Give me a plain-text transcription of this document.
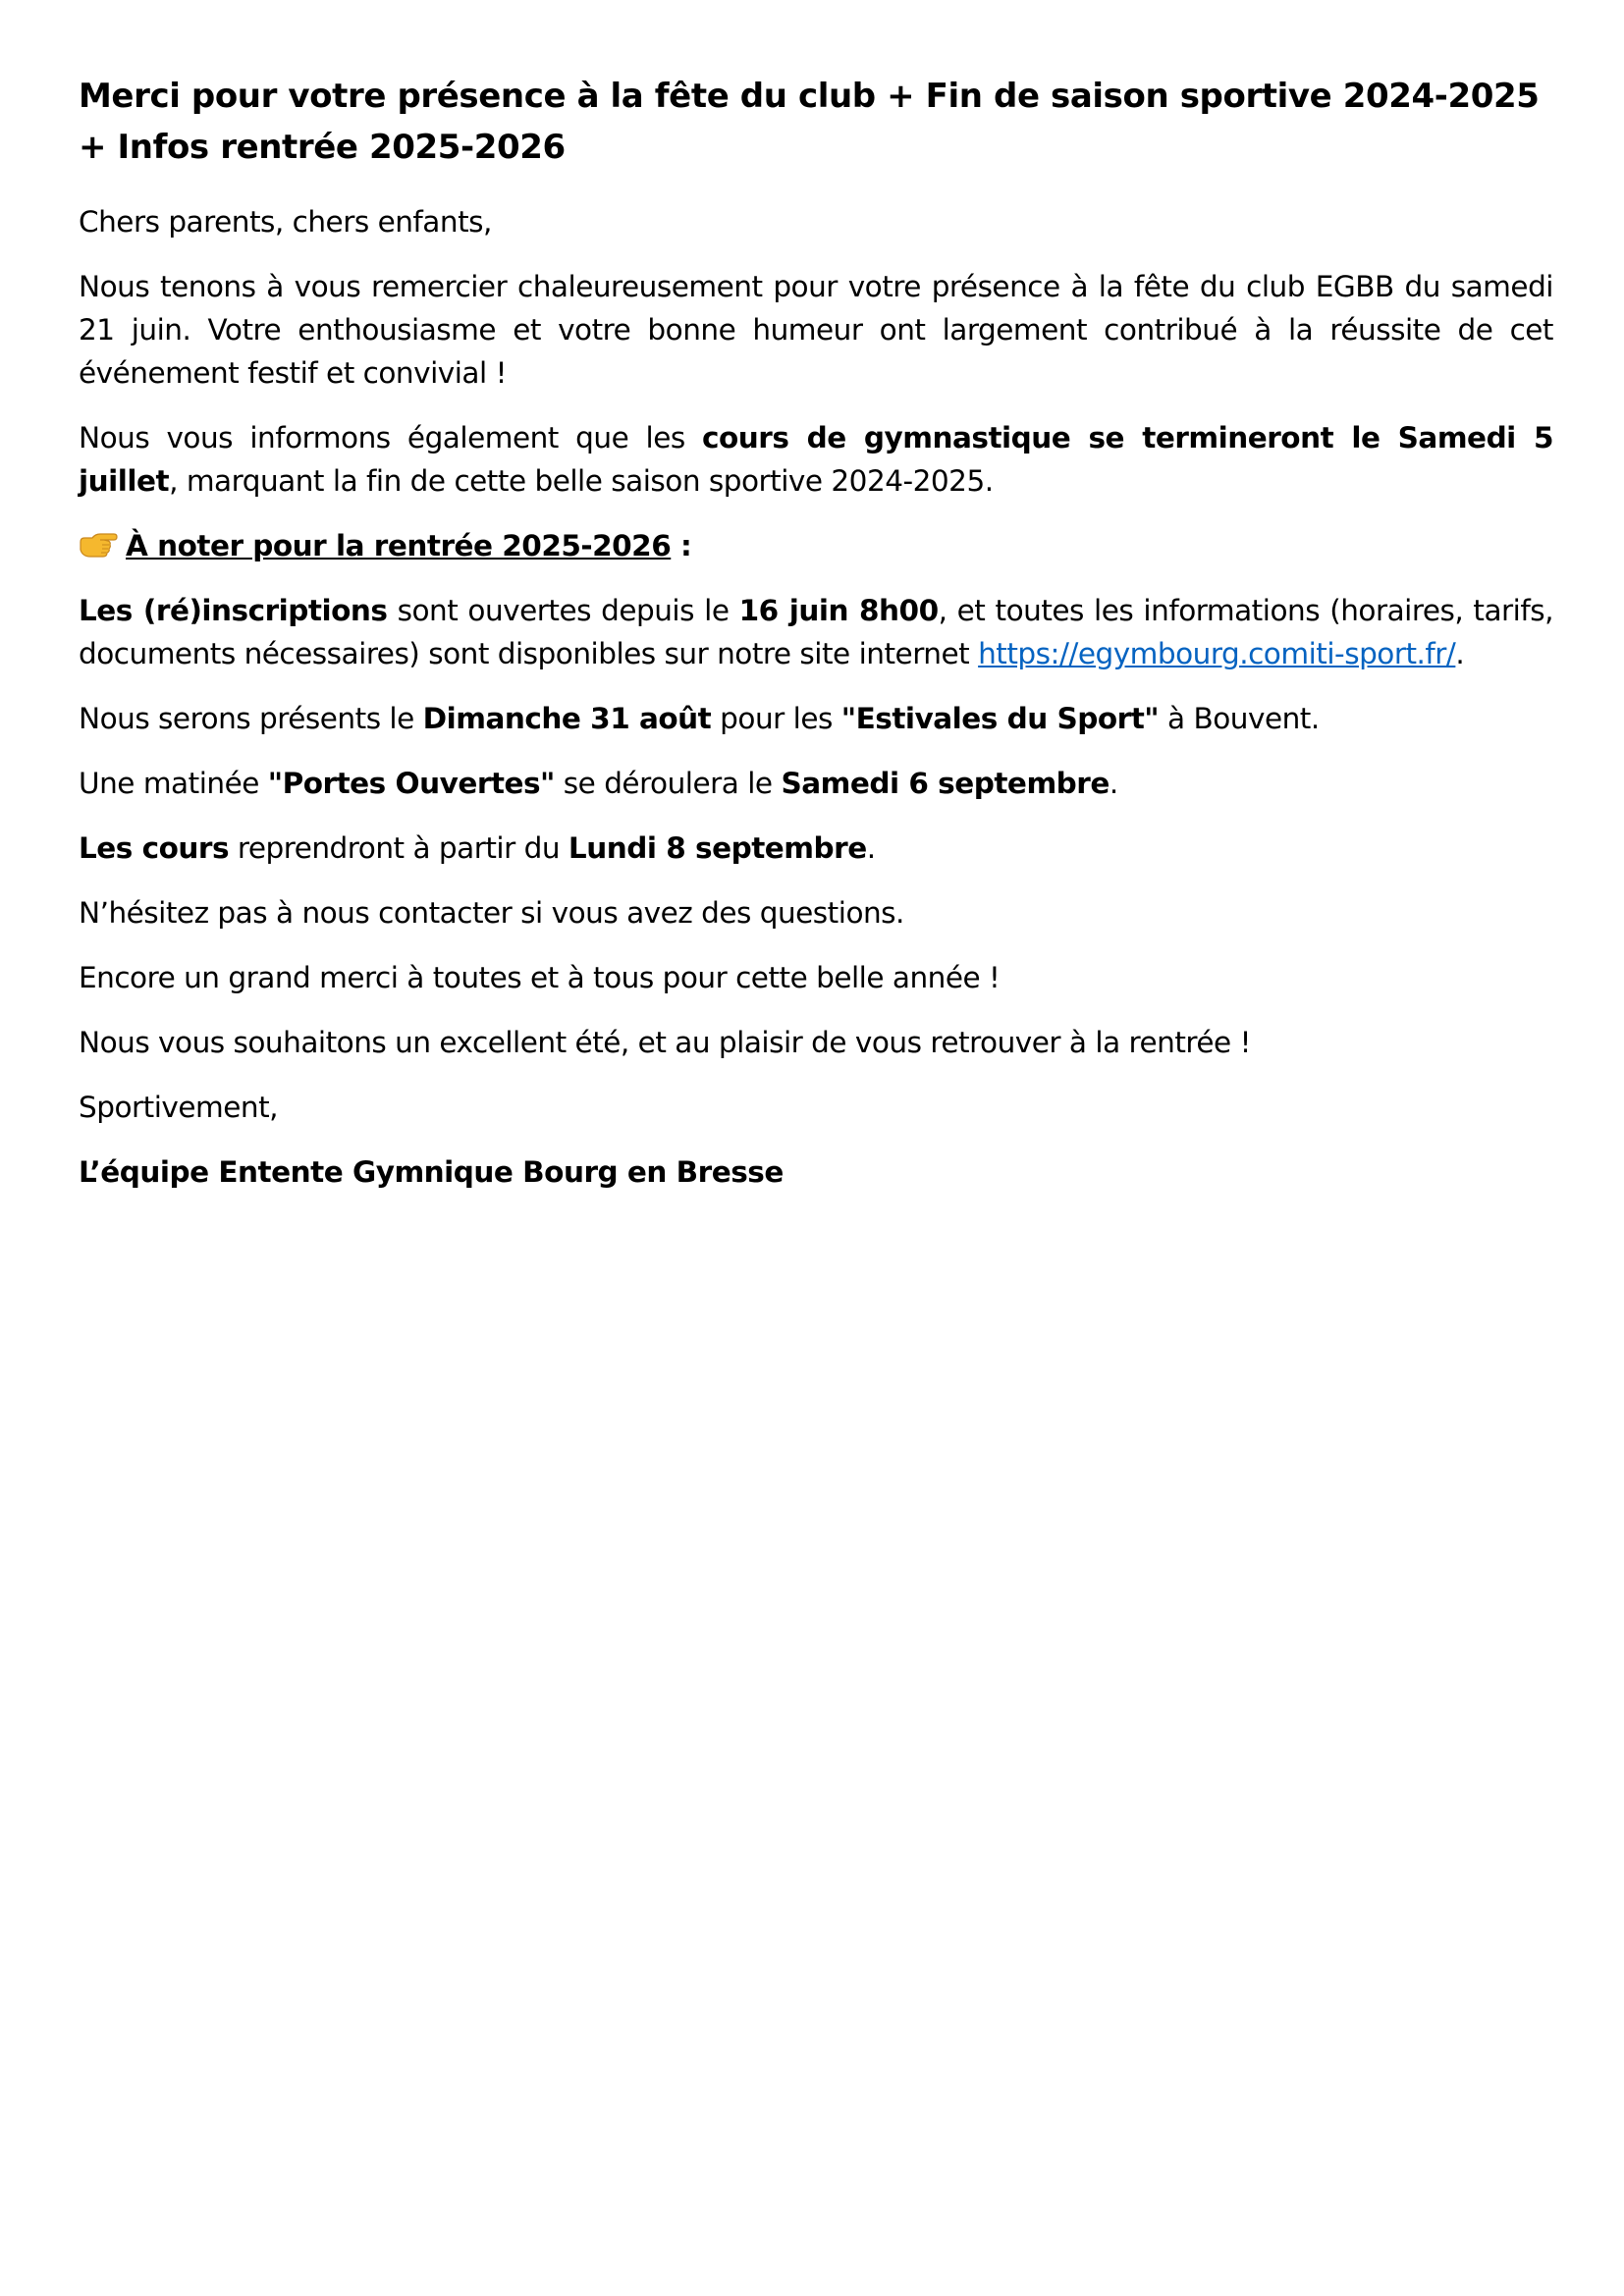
Merci pour votre présence à la fête du club + Fin de saison sportive 2024-2025 + Infos rentrée 2025-2026

Chers parents, chers enfants,

Nous tenons à vous remercier chaleureusement pour votre présence à la fête du club EGBB du samedi 21 juin. Votre enthousiasme et votre bonne humeur ont largement contribué à la réussite de cet événement festif et convivial !

Nous vous informons également que les cours de gymnastique se termineront le Samedi 5 juillet, marquant la fin de cette belle saison sportive 2024-2025.

À noter pour la rentrée 2025-2026 :

Les (ré)inscriptions sont ouvertes depuis le 16 juin 8h00, et toutes les informations (horaires, tarifs, documents nécessaires) sont disponibles sur notre site internet https://egymbourg.comiti-sport.fr/.

Nous serons présents le Dimanche 31 août pour les "Estivales du Sport" à Bouvent.

Une matinée "Portes Ouvertes" se déroulera le Samedi 6 septembre.

Les cours reprendront à partir du Lundi 8 septembre.

N’hésitez pas à nous contacter si vous avez des questions.

Encore un grand merci à toutes et à tous pour cette belle année !

Nous vous souhaitons un excellent été, et au plaisir de vous retrouver à la rentrée !

Sportivement,

L’équipe Entente Gymnique Bourg en Bresse
